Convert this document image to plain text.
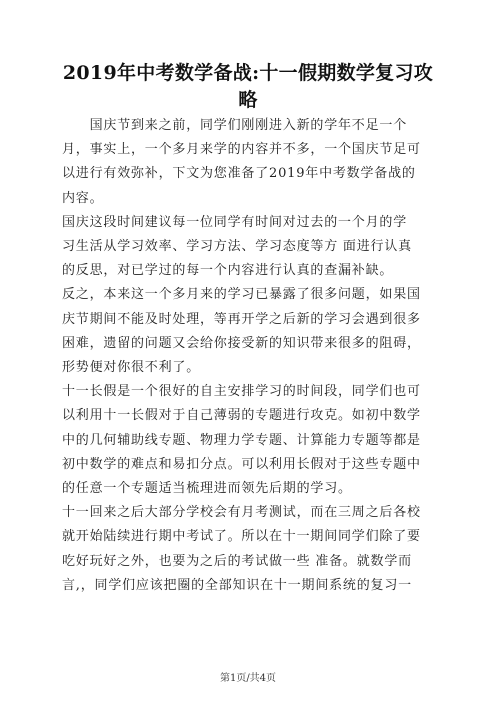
2019年中考数学备战:十一假期数学复习攻略

　　国庆节到来之前，同学们刚刚进入新的学年不足一个
月，事实上，一个多月来学的内容并不多，一个国庆节足可
以进行有效弥补，下文为您准备了2019年中考数学备战的
内容。

国庆这段时间建议每一位同学有时间对过去的一个月的学
习生活从学习效率、学习方法、学习态度等方 面进行认真
的反思，对已学过的每一个内容进行认真的查漏补缺。

反之，本来这一个多月来的学习已暴露了很多问题，如果国
庆节期间不能及时处理，等再开学之后新的学习会遇到很多
困难，遗留的问题又会给你接受新的知识带来很多的阻碍，
形势便对你很不利了。

十一长假是一个很好的自主安排学习的时间段，同学们也可
以利用十一长假对于自己薄弱的专题进行攻克。如初中数学
中的几何辅助线专题、物理力学专题、计算能力专题等都是
初中数学的难点和易扣分点。可以利用长假对于这些专题中
的任意一个专题适当梳理进而领先后期的学习。

十一回来之后大部分学校会有月考测试，而在三周之后各校
就开始陆续进行期中考试了。所以在十一期间同学们除了要
吃好玩好之外，也要为之后的考试做一些 准备。就数学而
言,，同学们应该把圈的全部知识在十一期间系统的复习一

第1页/共4页
